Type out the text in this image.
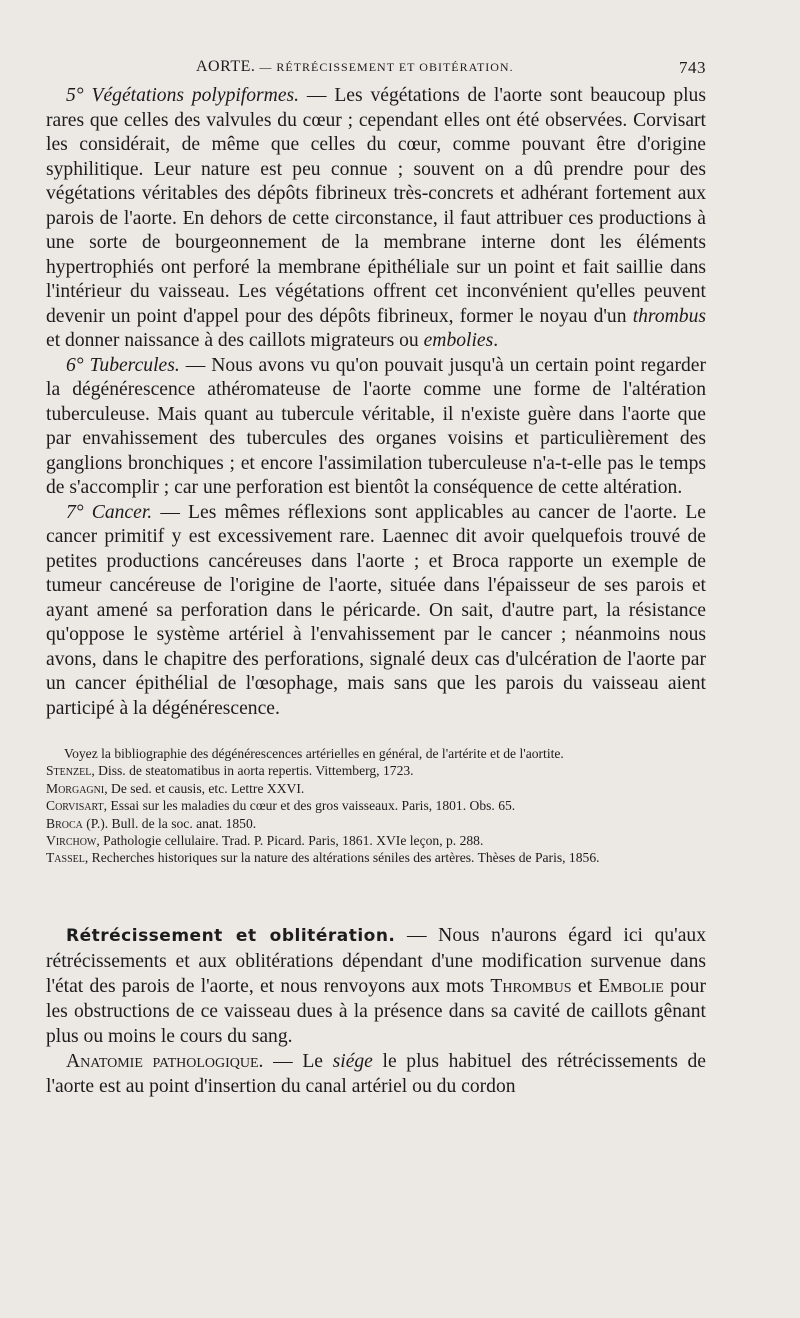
AORTE. — RÉTRÉCISSEMENT ET OBITÉRATION.	743

5° Végétations polypiformes. — Les végétations de l'aorte sont beaucoup plus rares que celles des valvules du cœur ; cependant elles ont été observées. Corvisart les considérait, de même que celles du cœur, comme pouvant être d'origine syphilitique. Leur nature est peu connue ; souvent on a dû prendre pour des végétations véritables des dépôts fibrineux très-concrets et adhérant fortement aux parois de l'aorte. En dehors de cette circonstance, il faut attribuer ces productions à une sorte de bourgeonnement de la membrane interne dont les éléments hypertrophiés ont perforé la membrane épithéliale sur un point et fait saillie dans l'intérieur du vaisseau. Les végétations offrent cet inconvénient qu'elles peuvent devenir un point d'appel pour des dépôts fibrineux, former le noyau d'un thrombus et donner naissance à des caillots migrateurs ou embolies.

6° Tubercules. — Nous avons vu qu'on pouvait jusqu'à un certain point regarder la dégénérescence athéromateuse de l'aorte comme une forme de l'altération tuberculeuse. Mais quant au tubercule véritable, il n'existe guère dans l'aorte que par envahissement des tubercules des organes voisins et particulièrement des ganglions bronchiques ; et encore l'assimilation tuberculeuse n'a-t-elle pas le temps de s'accomplir ; car une perforation est bientôt la conséquence de cette altération.

7° Cancer. — Les mêmes réflexions sont applicables au cancer de l'aorte. Le cancer primitif y est excessivement rare. Laennec dit avoir quelquefois trouvé de petites productions cancéreuses dans l'aorte ; et Broca rapporte un exemple de tumeur cancéreuse de l'origine de l'aorte, située dans l'épaisseur de ses parois et ayant amené sa perforation dans le péricarde. On sait, d'autre part, la résistance qu'oppose le système artériel à l'envahissement par le cancer ; néanmoins nous avons, dans le chapitre des perforations, signalé deux cas d'ulcération de l'aorte par un cancer épithélial de l'œsophage, mais sans que les parois du vaisseau aient participé à la dégénérescence.

Voyez la bibliographie des dégénérescences artérielles en général, de l'artérite et de l'aortite.
Stenzel, Diss. de steatomatibus in aorta repertis. Vittemberg, 1723.
Morgagni, De sed. et causis, etc. Lettre XXVI.
Corvisart, Essai sur les maladies du cœur et des gros vaisseaux. Paris, 1801. Obs. 65.
Broca (P.). Bull. de la soc. anat. 1850.
Virchow, Pathologie cellulaire. Trad. P. Picard. Paris, 1861. XVIe leçon, p. 288.
Tassel, Recherches historiques sur la nature des altérations séniles des artères. Thèses de Paris, 1856.

Rétrécissement et oblitération. — Nous n'aurons égard ici qu'aux rétrécissements et aux oblitérations dépendant d'une modification survenue dans l'état des parois de l'aorte, et nous renvoyons aux mots Thrombus et Embolie pour les obstructions de ce vaisseau dues à la présence dans sa cavité de caillots gênant plus ou moins le cours du sang.

Anatomie pathologique. — Le siége le plus habituel des rétrécissements de l'aorte est au point d'insertion du canal artériel ou du cordon
